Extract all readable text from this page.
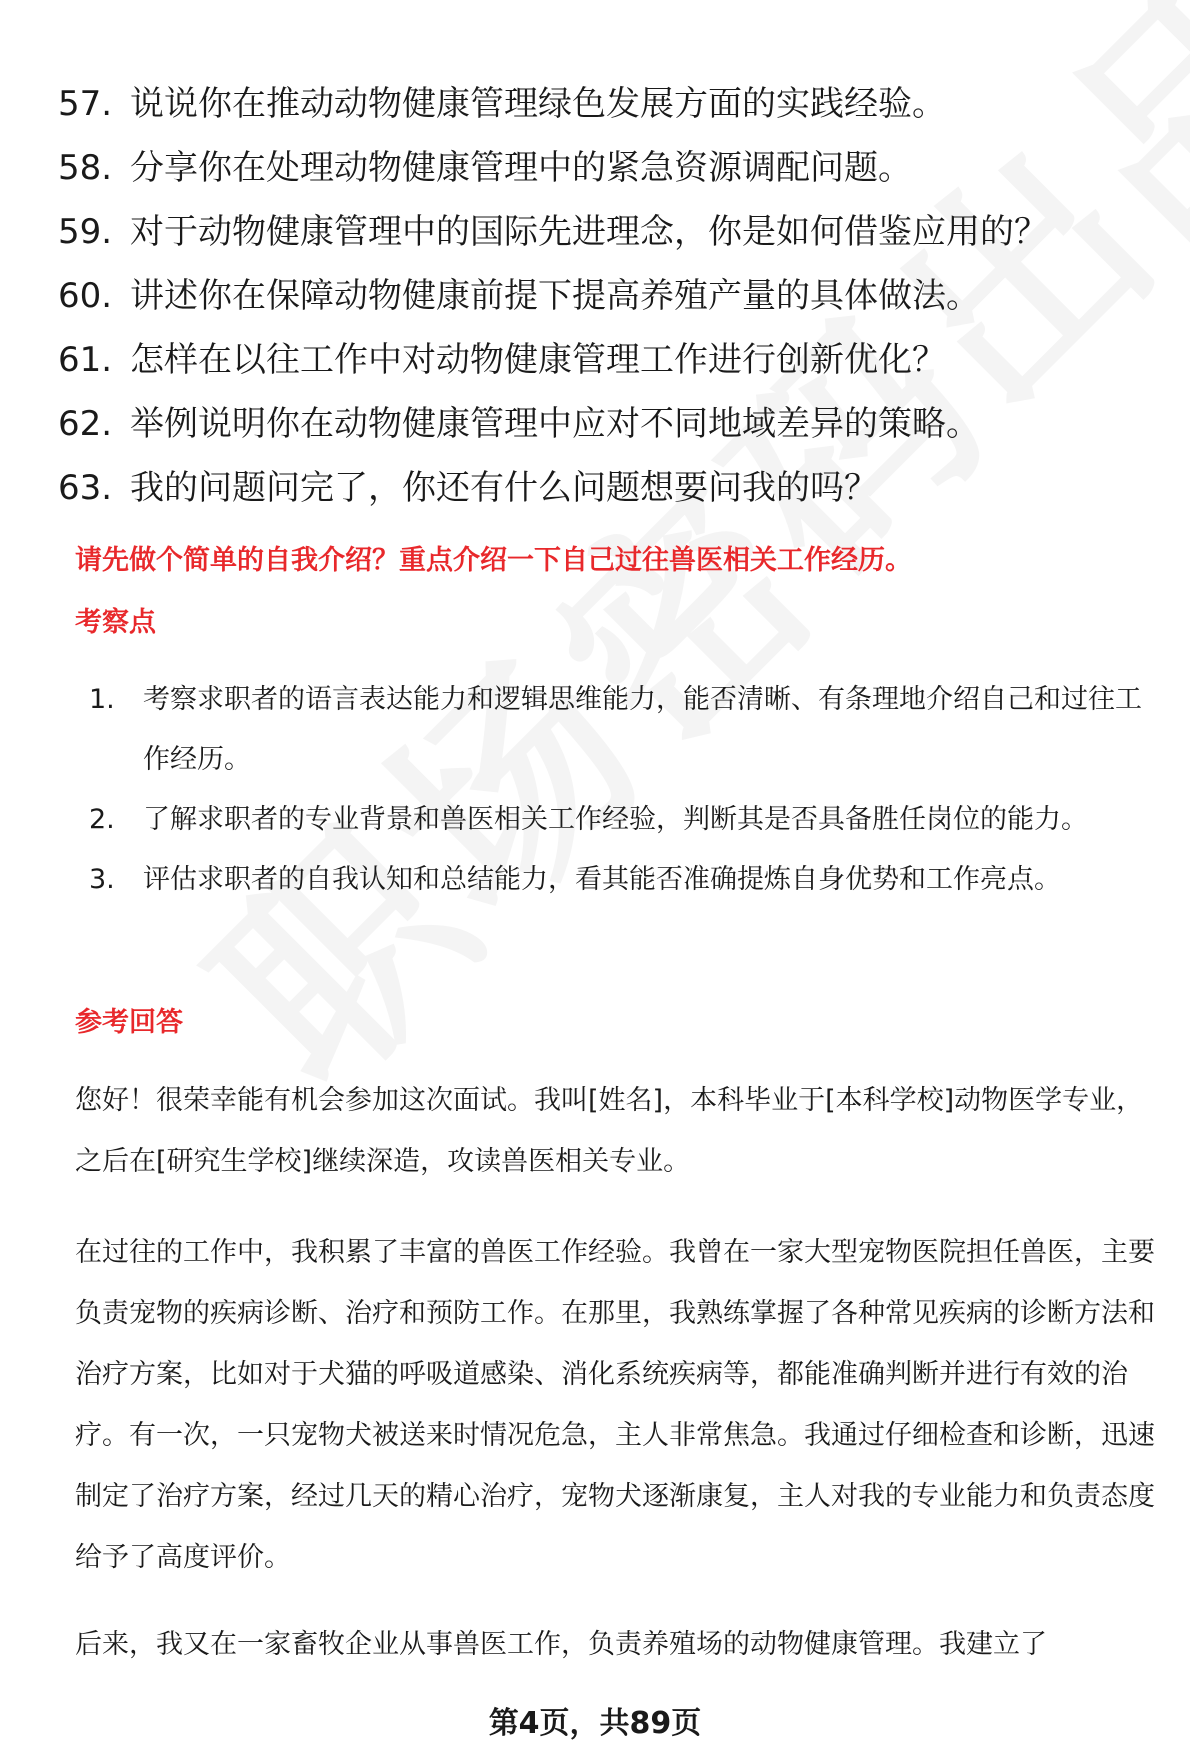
57. 说说你在推动动物健康管理绿色发展方面的实践经验。
58. 分享你在处理动物健康管理中的紧急资源调配问题。
59. 对于动物健康管理中的国际先进理念，你是如何借鉴应用的？
60. 讲述你在保障动物健康前提下提高养殖产量的具体做法。
61. 怎样在以往工作中对动物健康管理工作进行创新优化？
62. 举例说明你在动物健康管理中应对不同地域差异的策略。
63. 我的问题问完了，你还有什么问题想要问我的吗？
请先做个简单的自我介绍？重点介绍一下自己过往兽医相关工作经历。
考察点
1.	考察求职者的语言表达能力和逻辑思维能力，能否清晰、有条理地介绍自己和过往工作经历。
2.	了解求职者的专业背景和兽医相关工作经验，判断其是否具备胜任岗位的能力。
3.	评估求职者的自我认知和总结能力，看其能否准确提炼自身优势和工作亮点。
参考回答
您好！很荣幸能有机会参加这次面试。我叫[姓名]，本科毕业于[本科学校]动物医学专业，之后在[研究生学校]继续深造，攻读兽医相关专业。
在过往的工作中，我积累了丰富的兽医工作经验。我曾在一家大型宠物医院担任兽医，主要负责宠物的疾病诊断、治疗和预防工作。在那里，我熟练掌握了各种常见疾病的诊断方法和治疗方案，比如对于犬猫的呼吸道感染、消化系统疾病等，都能准确判断并进行有效的治疗。有一次，一只宠物犬被送来时情况危急，主人非常焦急。我通过仔细检查和诊断，迅速制定了治疗方案，经过几天的精心治疗，宠物犬逐渐康复，主人对我的专业能力和负责态度给予了高度评价。
后来，我又在一家畜牧企业从事兽医工作，负责养殖场的动物健康管理。我建立了
第4页，共89页
